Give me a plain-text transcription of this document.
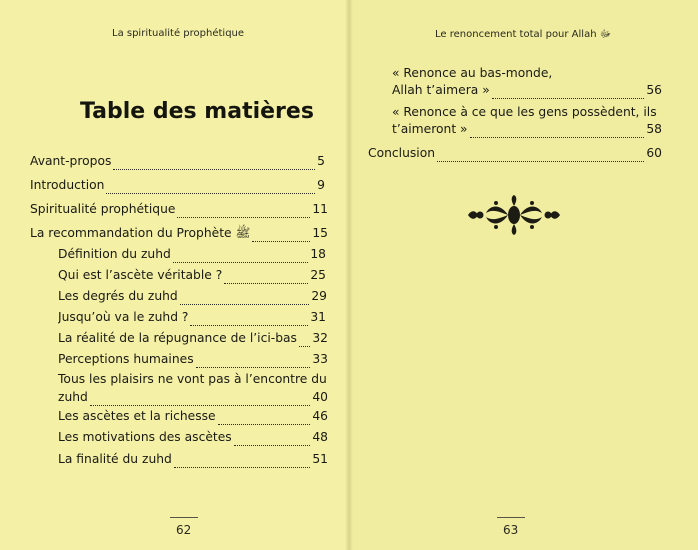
La spiritualité prophétique
Table des matières
Avant-propos	5
Introduction	9
Spiritualité prophétique	11
La recommandation du Prophète ﷺ	15
Définition du zuhd	18
Qui est l’ascète véritable ?	25
Les degrés du zuhd	29
Jusqu’où va le zuhd ?	31
La réalité de la répugnance de l’ici-bas 32
Perceptions humaines	33
Tous les plaisirs ne vont pas à l’encontre du
zuhd	40
Les ascètes et la richesse	46
Les motivations des ascètes	48
La finalité du zuhd	51
62
Le renoncement total pour Allah ﷻ
« Renonce au bas-monde,
Allah t’aimera »	56
« Renonce à ce que les gens possèdent, ils
t’aimeront »	58
Conclusion	60
63
